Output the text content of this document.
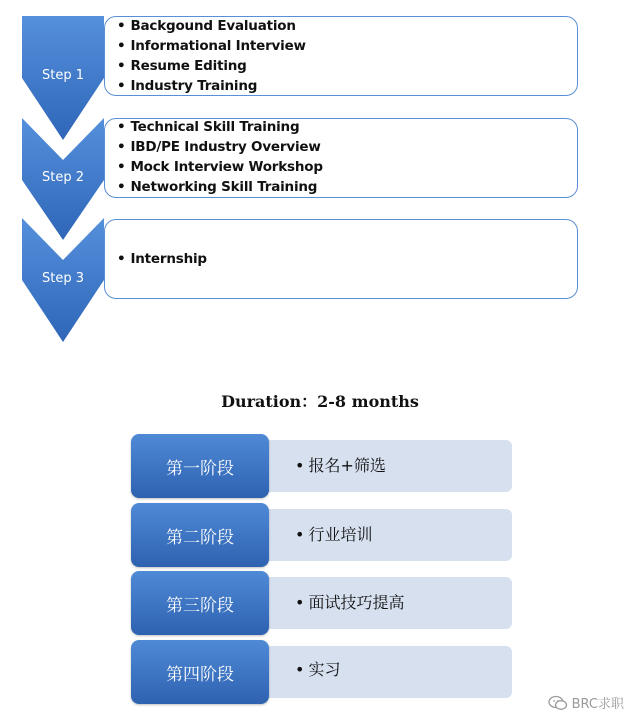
Step 1
• Backgound Evaluation
• Informational Interview
• Resume Editing
• Industry Training
Step 2
• Technical Skill Training
• IBD/PE Industry Overview
• Mock Interview Workshop
• Networking Skill Training
Step 3
• Internship
Duration：2-8 months
第一阶段	• 报名+筛选
第二阶段	• 行业培训
第三阶段	• 面试技巧提高
第四阶段	• 实习
BRC求职
